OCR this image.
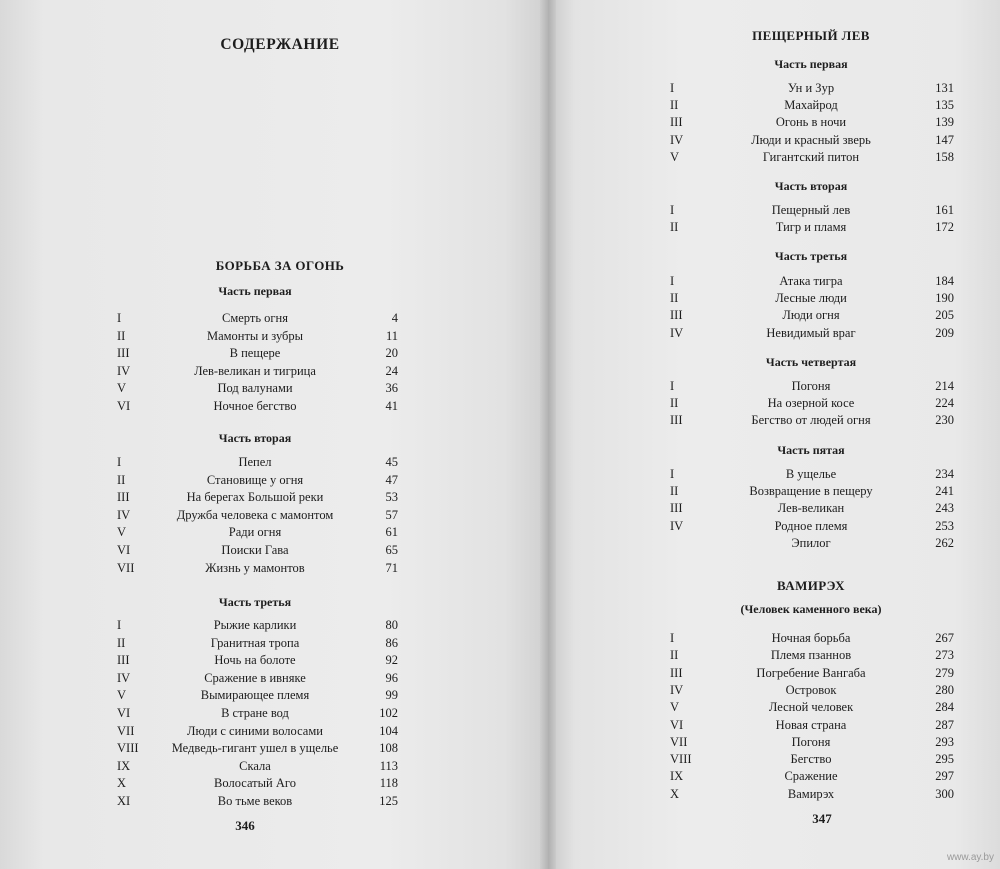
СОДЕРЖАНИЕ
БОРЬБА ЗА ОГОНЬ
Часть первая
I	Смерть огня	4
II	Мамонты и зубры	11
III	В пещере	20
IV	Лев-великан и тигрица	24
V	Под валунами	36
VI	Ночное бегство	41
Часть вторая
I	Пепел	45
II	Становище у огня	47
III	На берегах Большой реки	53
IV	Дружба человека с мамонтом	57
V	Ради огня	61
VI	Поиски Гава	65
VII	Жизнь у мамонтов	71
Часть третья
I	Рыжие карлики	80
II	Гранитная тропа	86
III	Ночь на болоте	92
IV	Сражение в ивняке	96
V	Вымирающее племя	99
VI	В стране вод	102
VII	Люди с синими волосами	104
VIII	Медведь-гигант ушел в ущелье	108
IX	Скала	113
X	Волосатый Аго	118
XI	Во тьме веков	125
346
ПЕЩЕРНЫЙ ЛЕВ
Часть первая
I	Ун и Зур	131
II	Махайрод	135
III	Огонь в ночи	139
IV	Люди и красный зверь	147
V	Гигантский питон	158
Часть вторая
I	Пещерный лев	161
II	Тигр и пламя	172
Часть третья
I	Атака тигра	184
II	Лесные люди	190
III	Люди огня	205
IV	Невидимый враг	209
Часть четвертая
I	Погоня	214
II	На озерной косе	224
III	Бегство от людей огня	230
Часть пятая
I	В ущелье	234
II	Возвращение в пещеру	241
III	Лев-великан	243
IV	Родное племя	253
Эпилог	262
ВАМИРЭХ
(Человек каменного века)
I	Ночная борьба	267
II	Племя пзаннов	273
III	Погребение Вангаба	279
IV	Островок	280
V	Лесной человек	284
VI	Новая страна	287
VII	Погоня	293
VIII	Бегство	295
IX	Сражение	297
X	Вамирэх	300
347
www.ay.by
